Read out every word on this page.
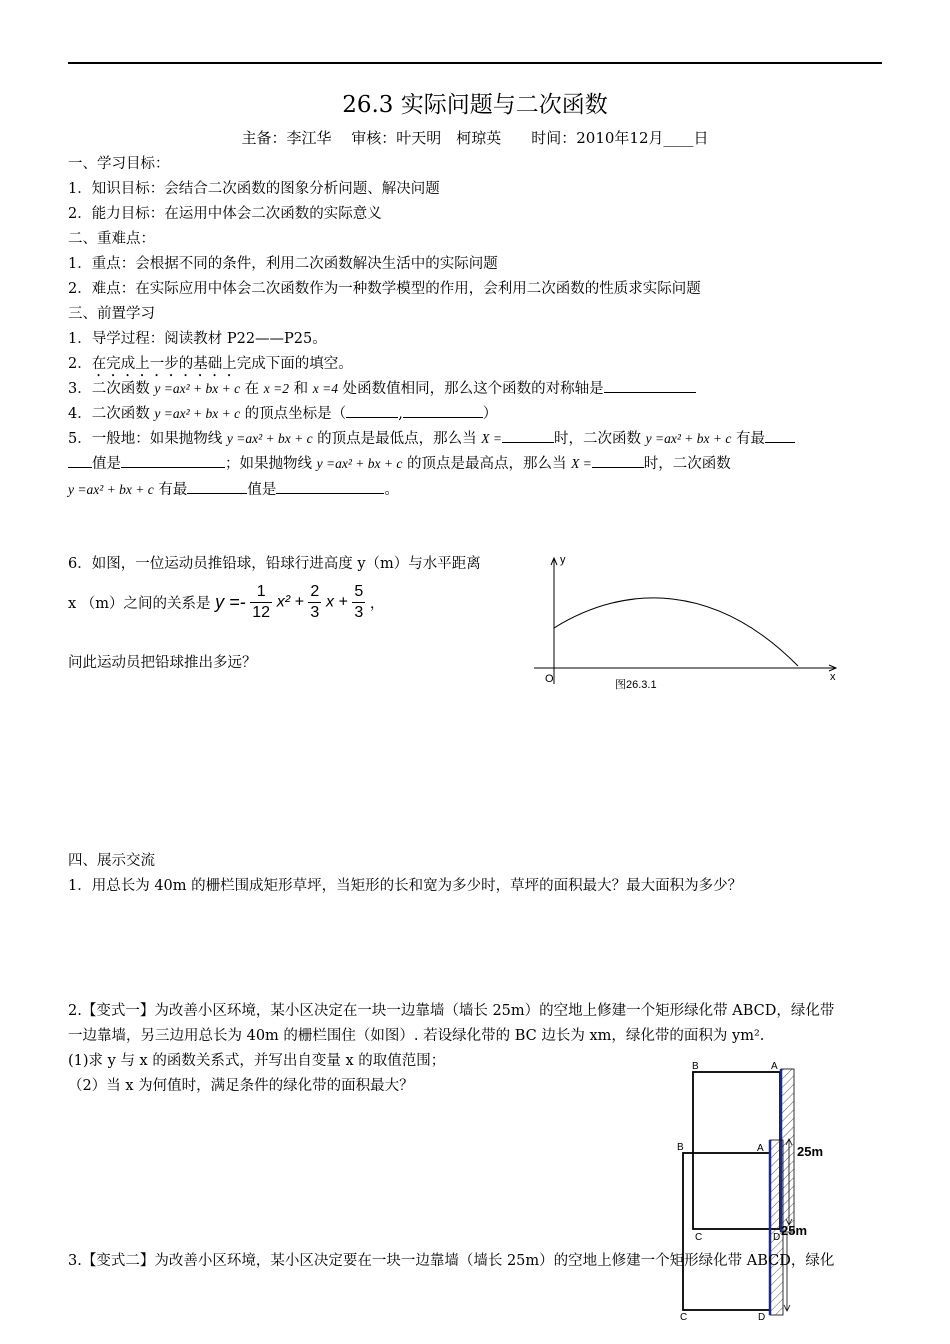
26.3 实际问题与二次函数
主备：李江华　 审核：叶天明　柯琼英　　时间：2010年12月____日
一、学习目标：
1．知识目标：会结合二次函数的图象分析问题、解决问题
2．能力目标：在运用中体会二次函数的实际意义
二、重难点：
1．重点：会根据不同的条件，利用二次函数解决生活中的实际问题
2．难点：在实际应用中体会二次函数作为一种数学模型的作用，会利用二次函数的性质求实际问题
三、前置学习
1．导学过程：阅读教材 P22——P25。
2．在完成上一步的基础上完成下面的填空。
3．二次函数 y =ax² + bx + c 在 x =2 和 x =4 处函数值相同，那么这个函数的对称轴是
4．二次函数 y =ax² + bx + c 的顶点坐标是（	,	）
5．一般地：如果抛物线 y =ax² + bx + c 的顶点是最低点，那么当 X =	时，二次函数 y =ax² + bx + c 有最
值是	；如果抛物线 y =ax² + bx + c 的顶点是最高点，那么当 X =	时，二次函数
y =ax² + bx + c 有最	值是	。
6．如图，一位运动员推铅球，铅球行进高度 y（m）与水平距离
x （m）之间的关系是 $y =- \frac{1}{12} x^2 + \frac{2}{3}$ $x + \frac{5}{3}$ ，
问此运动员把铅球推出多远？
y
x
O	图26.3.1
四、展示交流
1．用总长为 40m 的栅栏围成矩形草坪，当矩形的长和宽为多少时，草坪的面积最大？最大面积为多少？
2.【变式一】为改善小区环境，某小区决定在一块一边靠墙（墙长 25m）的空地上修建一个矩形绿化带 ABCD，绿化带
一边靠墙，另三边用总长为 40m 的栅栏围住（如图）. 若设绿化带的 BC 边长为 xm，绿化带的面积为 ym².
(1)求 y 与 x 的函数关系式，并写出自变量 x 的取值范围；
（2）当 x 为何值时，满足条件的绿化带的面积最大？
B	A
C
B	A
C	D
25m
25m
3.【变式二】为改善小区环境，某小区决定要在一块一边靠墙（墙长 25m）的空地上修建一个矩形绿化带 ABCD，绿化
